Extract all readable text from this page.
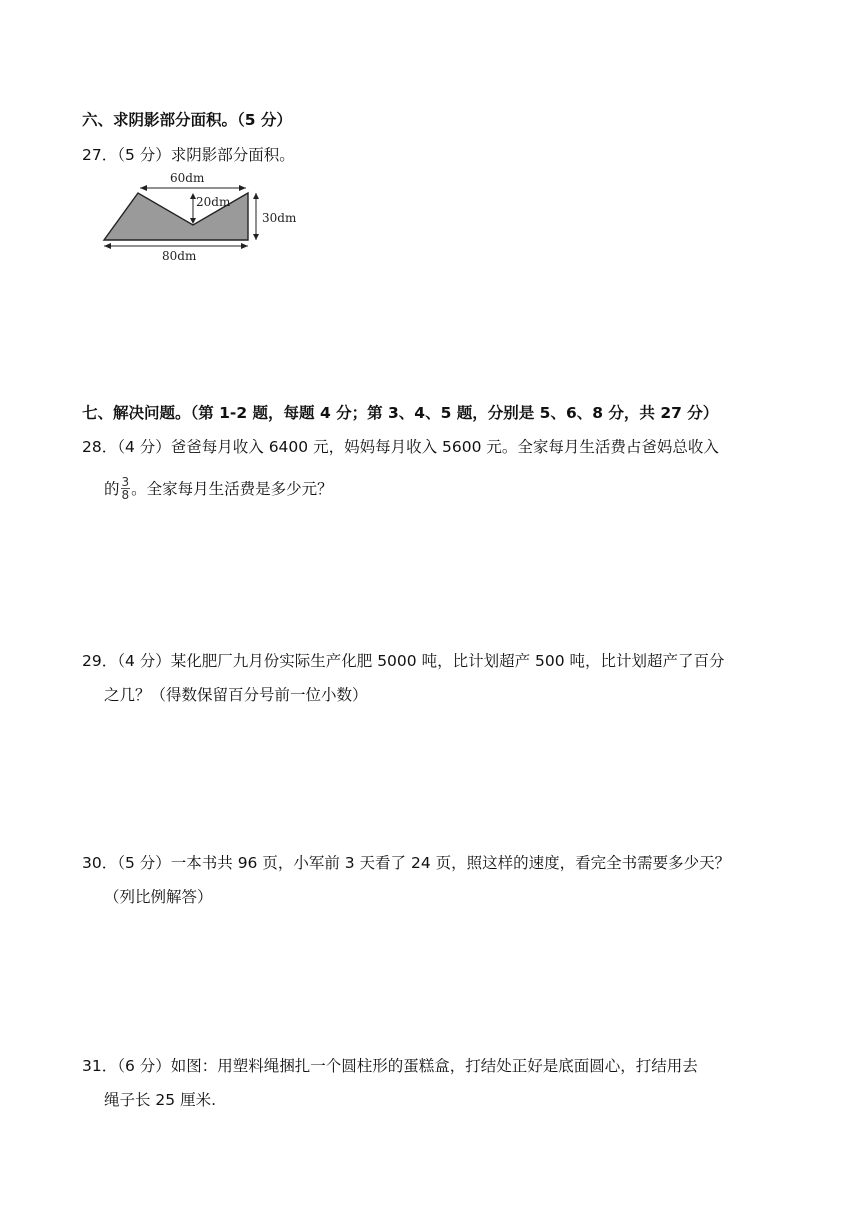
六、求阴影部分面积。（5 分）
27．（5 分）求阴影部分面积。
60dm
20dm
30dm
80dm
七、解决问题。（第 1-2 题，每题 4 分；第 3、4、5 题，分别是 5、6、8 分，共 27 分）
28．（4 分）爸爸每月收入 6400 元，妈妈每月收入 5600 元。全家每月生活费占爸妈总收入
的 $\frac{3}{8}$ 。全家每月生活费是多少元？
29．（4 分）某化肥厂九月份实际生产化肥 5000 吨，比计划超产 500 吨，比计划超产了百分
之几？（得数保留百分号前一位小数）
30．（5 分）一本书共 96 页，小军前 3 天看了 24 页，照这样的速度，看完全书需要多少天？
（列比例解答）
31．（6 分）如图：用塑料绳捆扎一个圆柱形的蛋糕盒，打结处正好是底面圆心，打结用去
绳子长 25 厘米.
